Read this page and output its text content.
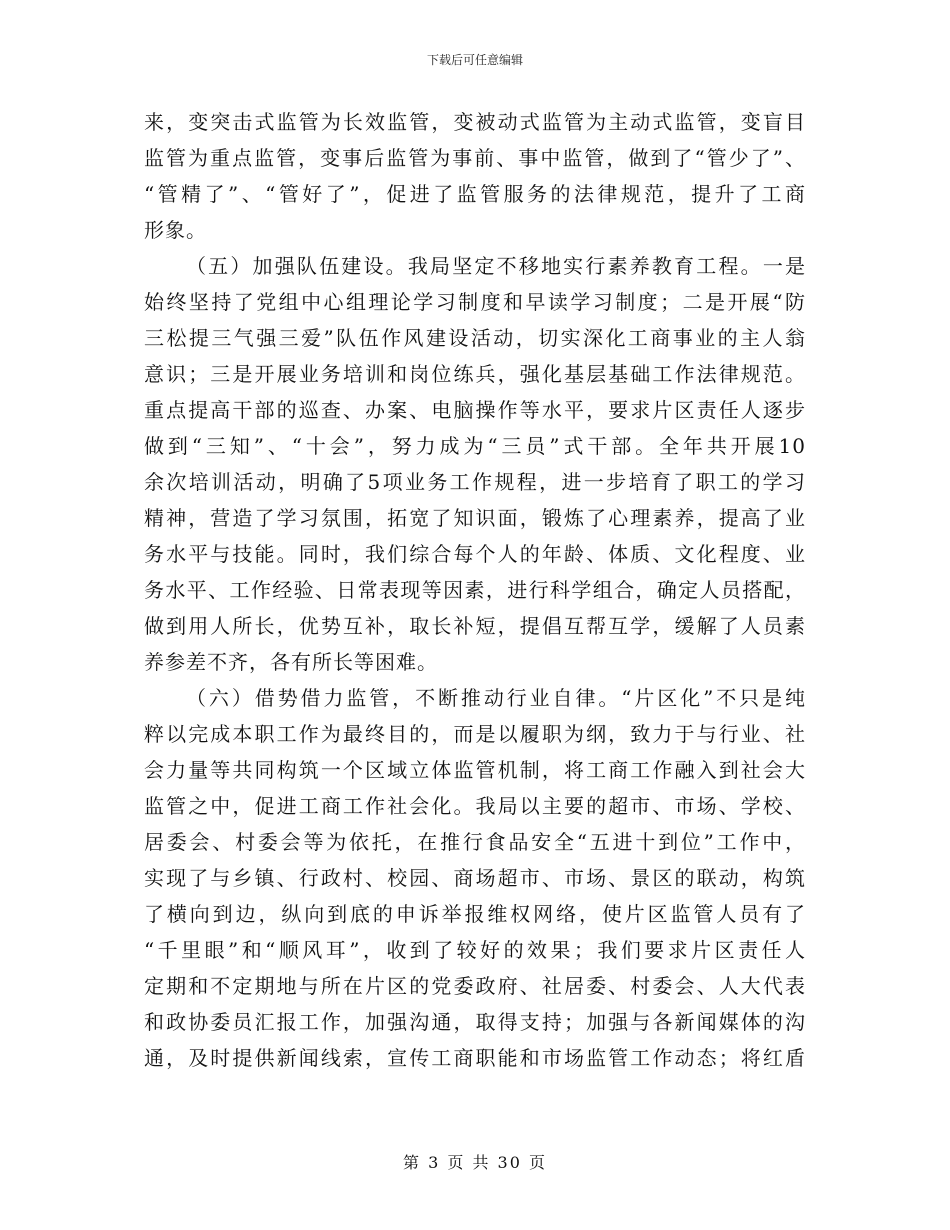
下载后可任意编辑
来，变突击式监管为长效监管，变被动式监管为主动式监管，变盲目
监管为重点监管，变事后监管为事前、事中监管，做到了“管少了”、
“管精了”、“管好了”，促进了监管服务的法律规范，提升了工商
形象。
（五）加强队伍建设。我局坚定不移地实行素养教育工程。一是
始终坚持了党组中心组理论学习制度和早读学习制度；二是开展“防
三松提三气强三爱”队伍作风建设活动，切实深化工商事业的主人翁
意识；三是开展业务培训和岗位练兵，强化基层基础工作法律规范。
重点提高干部的巡查、办案、电脑操作等水平，要求片区责任人逐步
做到“三知”、“十会”，努力成为“三员”式干部。全年共开展10
余次培训活动，明确了5项业务工作规程，进一步培育了职工的学习
精神，营造了学习氛围，拓宽了知识面，锻炼了心理素养，提高了业
务水平与技能。同时，我们综合每个人的年龄、体质、文化程度、业
务水平、工作经验、日常表现等因素，进行科学组合，确定人员搭配，
做到用人所长，优势互补，取长补短，提倡互帮互学，缓解了人员素
养参差不齐，各有所长等困难。
（六）借势借力监管，不断推动行业自律。“片区化”不只是纯
粹以完成本职工作为最终目的，而是以履职为纲，致力于与行业、社
会力量等共同构筑一个区域立体监管机制，将工商工作融入到社会大
监管之中，促进工商工作社会化。我局以主要的超市、市场、学校、
居委会、村委会等为依托，在推行食品安全“五进十到位”工作中，
实现了与乡镇、行政村、校园、商场超市、市场、景区的联动，构筑
了横向到边，纵向到底的申诉举报维权网络，使片区监管人员有了
“千里眼”和“顺风耳”，收到了较好的效果；我们要求片区责任人
定期和不定期地与所在片区的党委政府、社居委、村委会、人大代表
和政协委员汇报工作，加强沟通，取得支持；加强与各新闻媒体的沟
通，及时提供新闻线索，宣传工商职能和市场监管工作动态；将红盾
第 3 页 共 30 页
